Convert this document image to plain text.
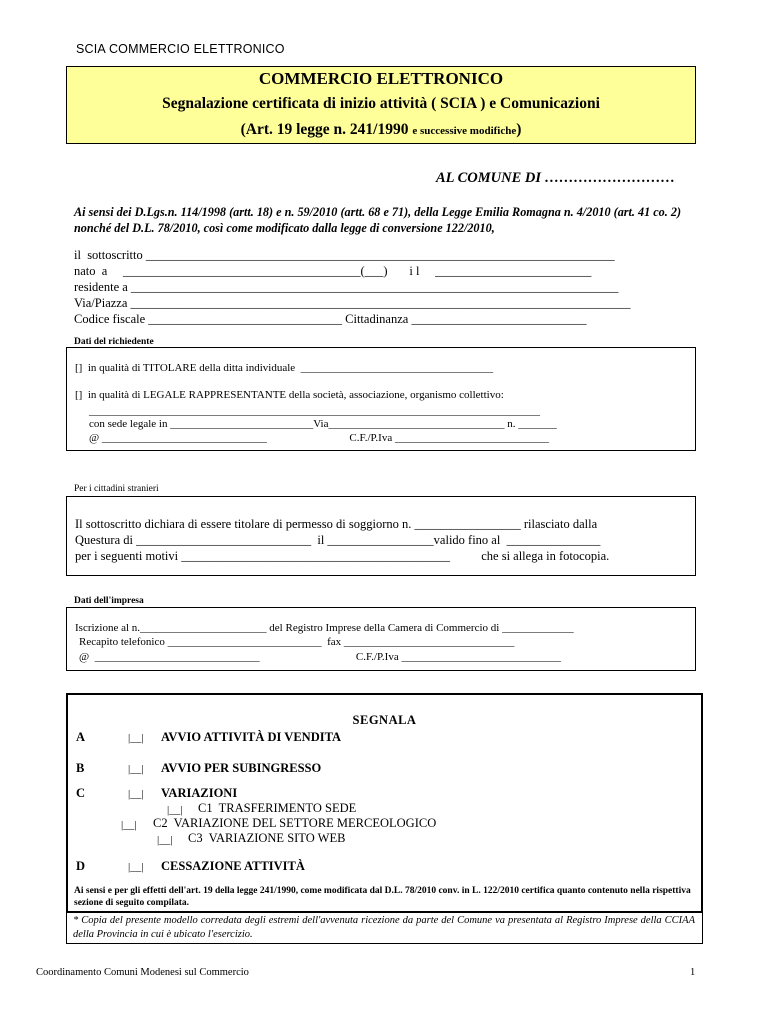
SCIA COMMERCIO ELETTRONICO
COMMERCIO ELETTRONICO
Segnalazione certificata di inizio attività ( SCIA ) e Comunicazioni
(Art. 19 legge n. 241/1990 e successive modifiche)
AL COMUNE DI ………………………
Ai sensi dei D.Lgs.n. 114/1998 (artt. 18) e n. 59/2010 (artt. 68 e 71), della Legge Emilia Romagna n. 4/2010 (art. 41 co. 2) nonché del D.L. 78/2010, così come modificato dalla legge di conversione 122/2010,
il  sottoscritto ___________________________________________________________________________
nato  a     ______________________________________(___)       i l     _________________________
residente a ______________________________________________________________________________
Via/Piazza ________________________________________________________________________________
Codice fiscale _______________________________ Cittadinanza ____________________________
Dati del richiedente
[]  in qualità di TITOLARE della ditta individuale  ___________________________________
[]  in qualità di LEGALE RAPPRESENTANTE della società, associazione, organismo collettivo:
__________________________________________________________________________________
con sede legale in __________________________Via________________________________ n. _______
@ ______________________________                              C.F./P.Iva ____________________________
Per i cittadini stranieri
Il sottoscritto dichiara di essere titolare di permesso di soggiorno n. _________________ rilasciato dalla
Questura di ____________________________  il _________________valido fino al  _______________
per i seguenti motivi ___________________________________________          che si allega in fotocopia.
Dati dell'impresa
Iscrizione al n._______________________ del Registro Imprese della Camera di Commercio di _____________
Recapito telefonico ____________________________  fax _______________________________
@  ______________________________                                   C.F./P.Iva _____________________________
SEGNALA
A	|__| AVVIO ATTIVITÀ DI VENDITA
B	|__| AVVIO PER SUBINGRESSO
C	|__| VARIAZIONI
|__| C1  TRASFERIMENTO SEDE
|__| C2  VARIAZIONE DEL SETTORE MERCEOLOGICO
|__| C3  VARIAZIONE SITO WEB
D	|__| CESSAZIONE ATTIVITÀ
Ai sensi e per gli effetti dell'art. 19 della legge 241/1990, come modificata dal D.L. 78/2010 conv. in L. 122/2010 certifica quanto contenuto nella rispettiva sezione di seguito compilata.
* Copia del presente modello corredata degli estremi dell'avvenuta ricezione da parte del Comune va presentata al Registro Imprese della CCIAA della Provincia in cui è ubicato l'esercizio.
Coordinamento Comuni Modenesi sul Commercio	1
